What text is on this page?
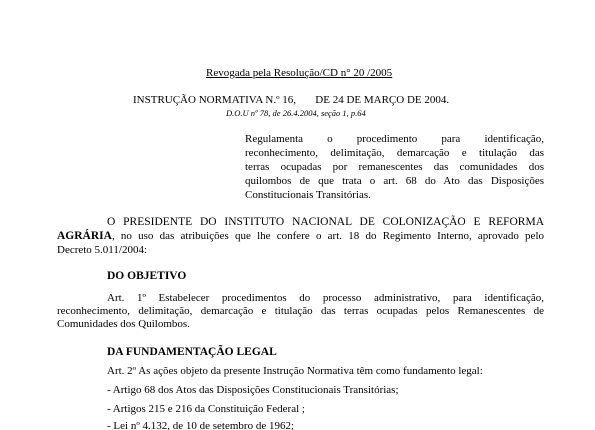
Revogada pela Resolução/CD n° 20 /2005
INSTRUÇÃO NORMATIVA N.º 16,       DE 24 DE MARÇO DE 2004.
D.O.U nº 78, de 26.4.2004, seção 1, p.64
Regulamenta o procedimento para identificação,
reconhecimento, delimitação, demarcação e titulação das
terras ocupadas por remanescentes das comunidades dos
quilombos de que trata o art. 68 do Ato das Disposições
Constitucionais Transitórias.
O PRESIDENTE DO INSTITUTO NACIONAL DE COLONIZAÇÃO E REFORMA
AGRÁRIA, no uso das atribuições que lhe confere o art. 18 do Regimento Interno, aprovado pelo
Decreto 5.011/2004:
DO OBJETIVO
Art. 1º Estabelecer procedimentos do processo administrativo, para identificação,
reconhecimento, delimitação, demarcação e titulação das terras ocupadas pelos Remanescentes de
Comunidades dos Quilombos.
DA FUNDAMENTAÇÃO LEGAL
Art. 2º As ações objeto da presente Instrução Normativa têm como fundamento legal:
- Artigo 68 dos Atos das Disposições Constitucionais Transitórias;
- Artigos 215 e 216 da Constituição Federal ;
- Lei nº 4.132, de 10 de setembro de 1962;
